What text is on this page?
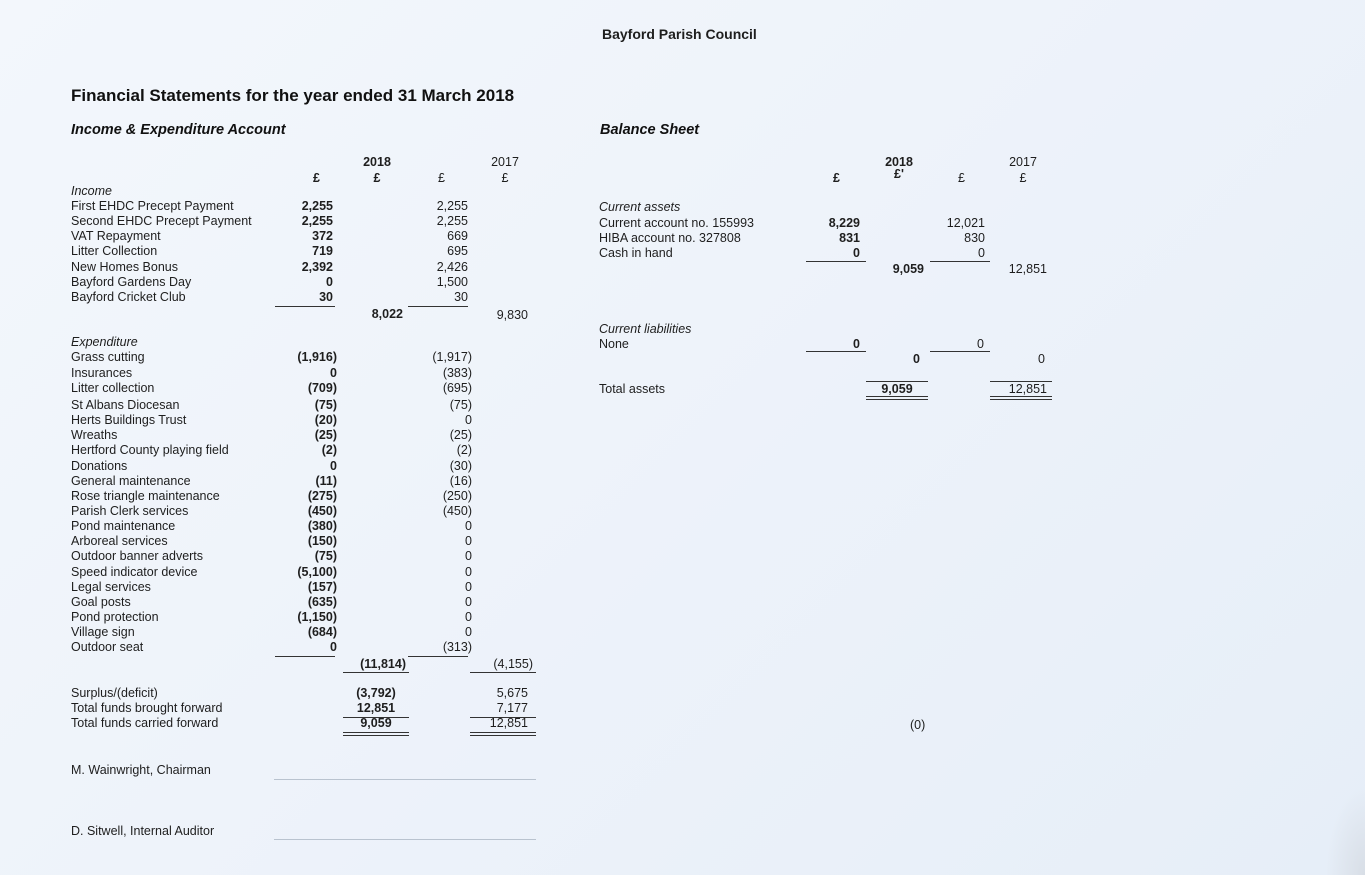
Bayford Parish Council
Financial Statements for the year ended 31 March 2018
Income & Expenditure Account
2018	2017
£	£	£	£
Income
First EHDC Precept Payment	2,255	2,255
Second EHDC Precept Payment	2,255	2,255
VAT Repayment	372	669
Litter Collection	719	695
New Homes Bonus	2,392	2,426
Bayford Gardens Day	0	1,500
Bayford Cricket Club	30	30
8,022	9,830
Expenditure
Grass cutting	(1,916)	(1,917)
Insurances	0	(383)
Litter collection	(709)	(695)
St Albans Diocesan	(75)	(75)
Herts Buildings Trust	(20)	0
Wreaths	(25)	(25)
Hertford County playing field	(2)	(2)
Donations	0	(30)
General maintenance	(11)	(16)
Rose triangle maintenance	(275)	(250)
Parish Clerk services	(450)	(450)
Pond maintenance	(380)	0
Arboreal services	(150)	0
Outdoor banner adverts	(75)	0
Speed indicator device	(5,100)	0
Legal services	(157)	0
Goal posts	(635)	0
Pond protection	(1,150)	0
Village sign	(684)	0
Outdoor seat	0	(313)
(11,814)	(4,155)
Surplus/(deficit)	(3,792)	5,675
Total funds brought forward	12,851	7,177
Total funds carried forward	9,059	12,851
Balance Sheet
2018	2017
£	£'	£	£
Current assets
Current account no. 155993	8,229	12,021
HIBA account no. 327808	831	830
Cash in hand	0	0
9,059	12,851
Current liabilities
None	0	0
0	0
Total assets	9,059	12,851
(0)
M. Wainwright, Chairman
D. Sitwell, Internal Auditor
